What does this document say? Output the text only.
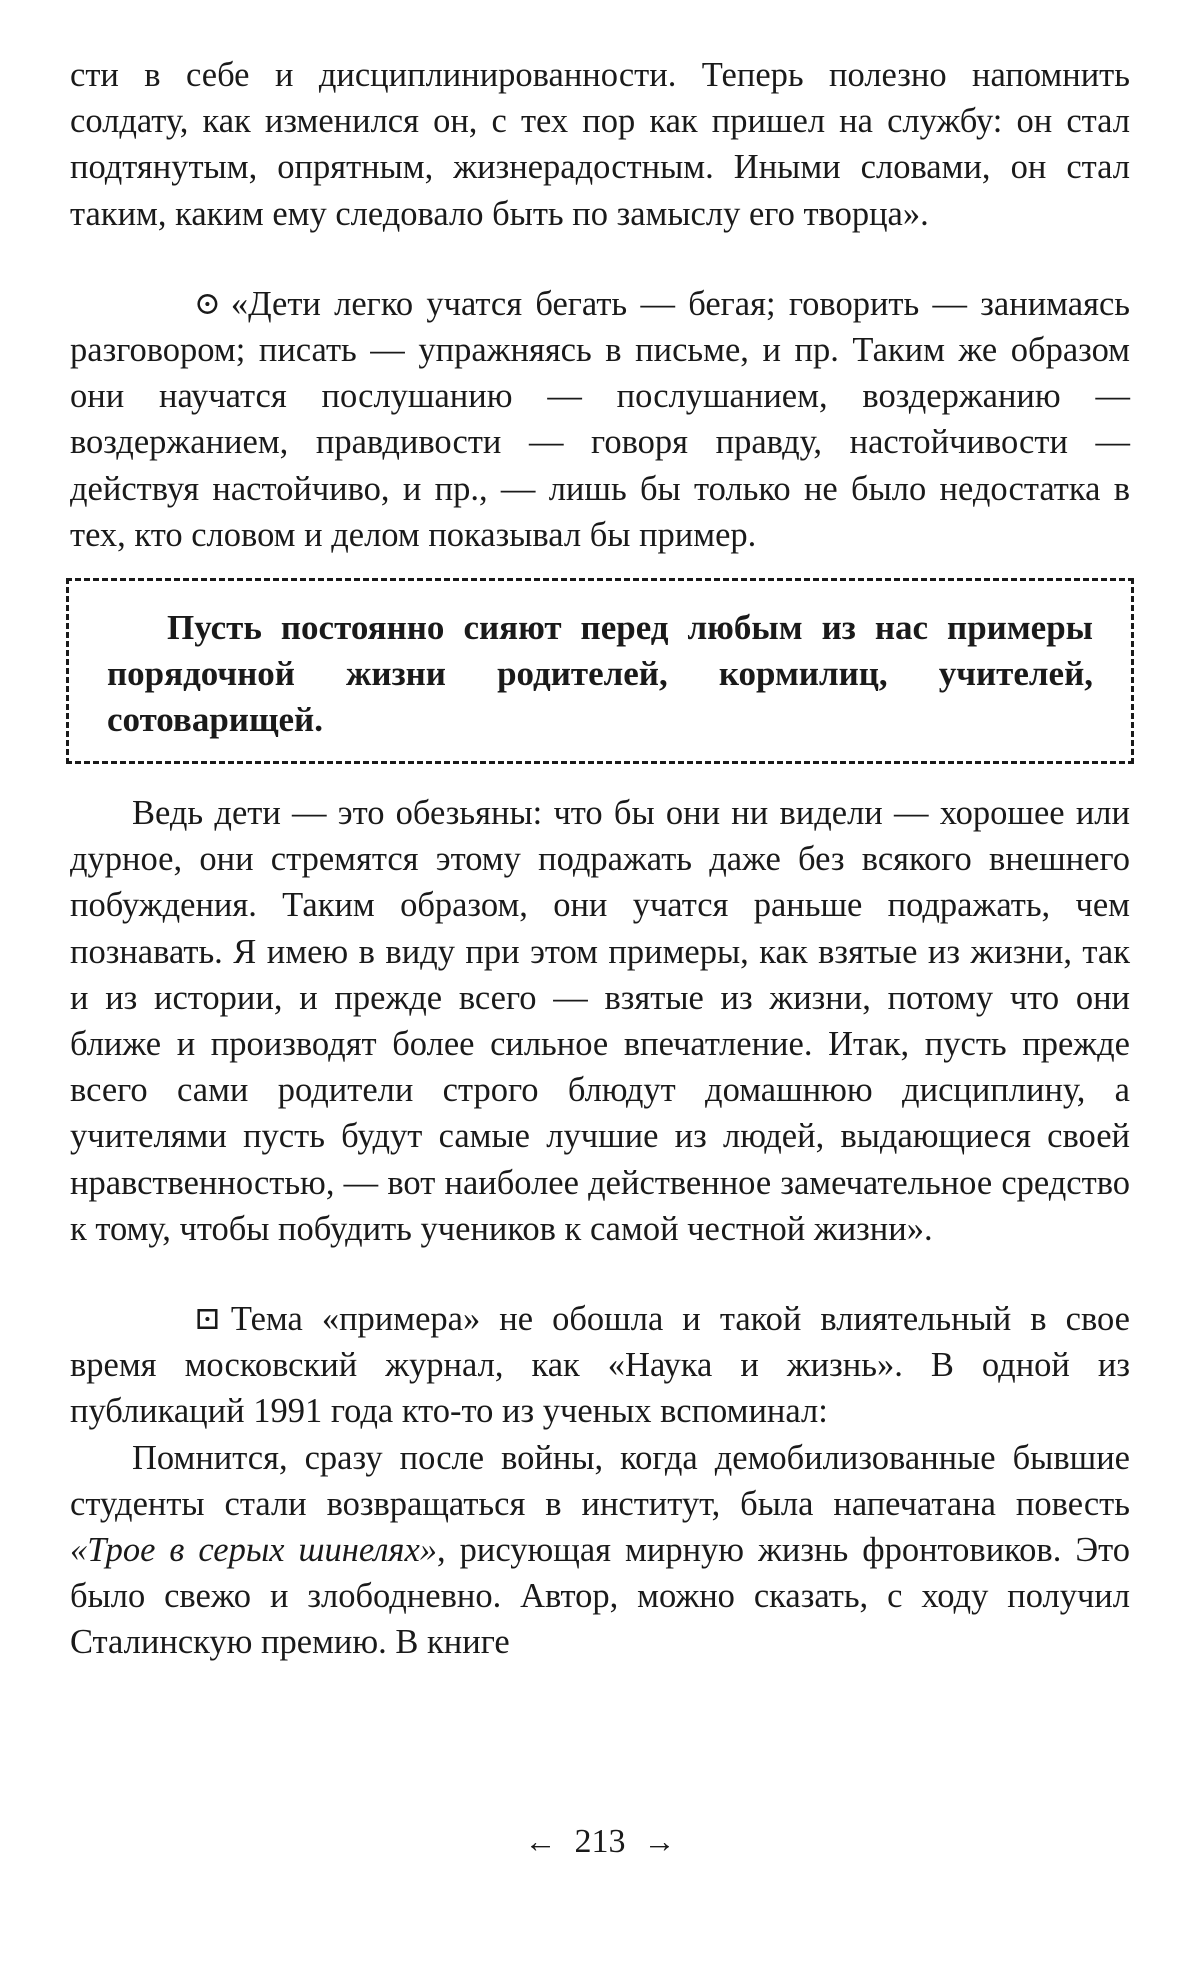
сти в себе и дисциплинированности. Теперь полезно напомнить солдату, как изменился он, с тех пор как пришел на службу: он стал подтянутым, опрятным, жизнерадостным. Иными словами, он стал таким, каким ему следовало быть по замыслу его творца».

⊙ «Дети легко учатся бегать — бегая; говорить — занимаясь разговором; писать — упражняясь в письме, и пр. Таким же образом они научатся послушанию — послушанием, воздержанию — воздержанием, правдивости — говоря правду, настойчивости — действуя настойчиво, и пр., — лишь бы только не было недостатка в тех, кто словом и делом показывал бы пример.

Пусть постоянно сияют перед любым из нас примеры порядочной жизни родителей, кормилиц, учителей, сотоварищей.

Ведь дети — это обезьяны: что бы они ни видели — хорошее или дурное, они стремятся этому подражать даже без всякого внешнего побуждения. Таким образом, они учатся раньше подражать, чем познавать. Я имею в виду при этом примеры, как взятые из жизни, так и из истории, и прежде всего — взятые из жизни, потому что они ближе и производят более сильное впечатление. Итак, пусть прежде всего сами родители строго блюдут домашнюю дисциплину, а учителями пусть будут самые лучшие из людей, выдающиеся своей нравственностью, — вот наиболее действенное замечательное средство к тому, чтобы побудить учеников к самой честной жизни».

⊡ Тема «примера» не обошла и такой влиятельный в свое время московский журнал, как «Наука и жизнь». В одной из публикаций 1991 года кто-то из ученых вспоминал:

Помнится, сразу после войны, когда демобилизованные бывшие студенты стали возвращаться в институт, была напечатана повесть «Трое в серых шинелях», рисующая мирную жизнь фронтовиков. Это было свежо и злободневно. Автор, можно сказать, с ходу получил Сталинскую премию. В книге

← 213 →
